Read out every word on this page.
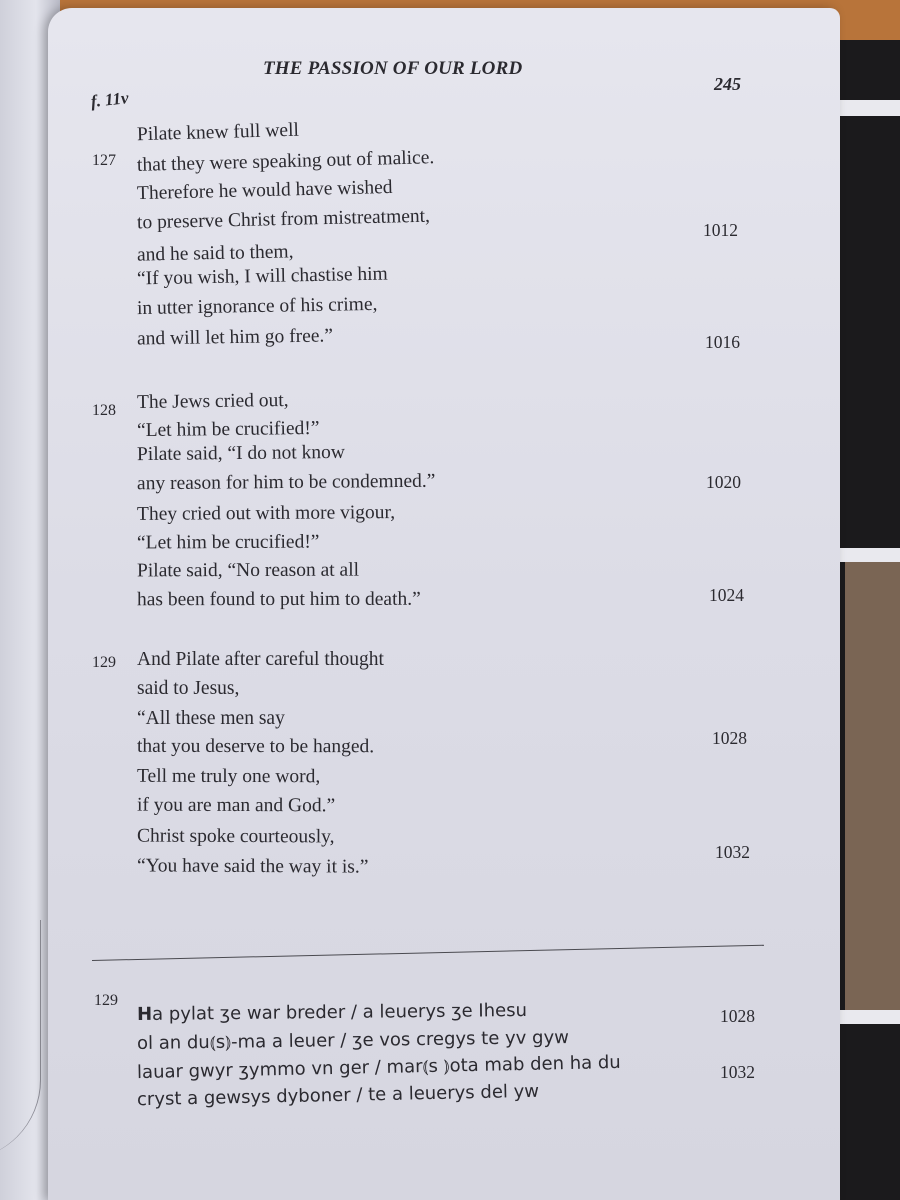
THE PASSION OF OUR LORD
245
f. 11v
127
Pilate knew full well
that they were speaking out of malice.
Therefore he would have wished
to preserve Christ from mistreatment,
and he said to them,
“If you wish, I will chastise him
in utter ignorance of his crime,
and will let him go free.”
1012
1016
128 The Jews cried out,
“Let him be crucified!”
Pilate said, “I do not know
any reason for him to be condemned.”
They cried out with more vigour,
“Let him be crucified!”
Pilate said, “No reason at all
has been found to put him to death.”
1020
1024
129 And Pilate after careful thought
said to Jesus,
“All these men say
that you deserve to be hanged.
Tell me truly one word,
if you are man and God.”
Christ spoke courteously,
“You have said the way it is.”
1028
1032
129
Ha pylat ʒe war breder / a leuerys ʒe Ihesu
ol an du⦅s⦆-ma a leuer / ʒe vos cregys te yv gyw
lauar gwyr ʒymmo vn ger / mar⦅s ⦆ota mab den ha du
cryst a gewsys dyboner / te a leuerys del yw
1028
1032
